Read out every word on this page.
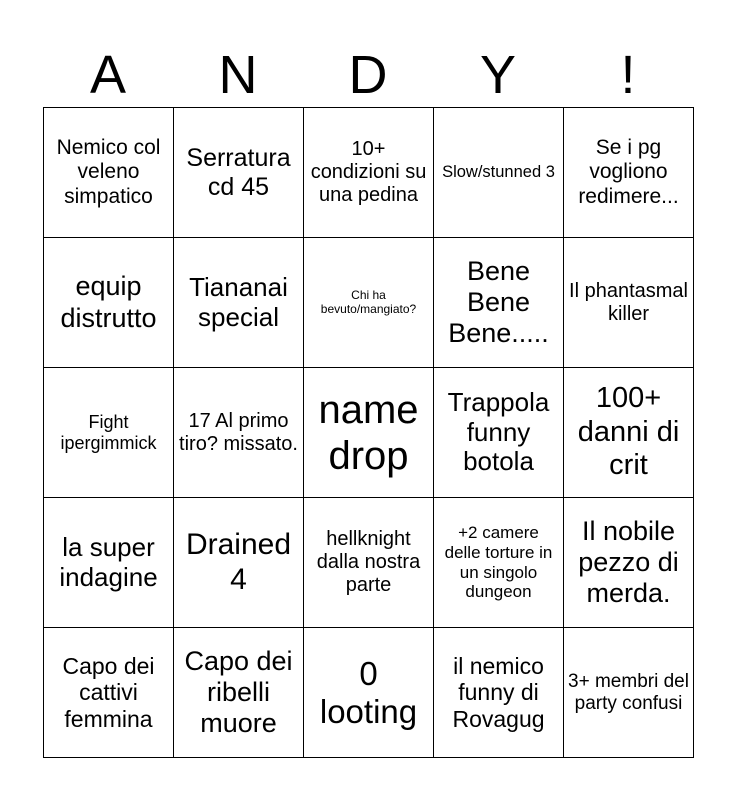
A	N	D	Y	!
Nemico col veleno simpatico	Serratura cd 45	10+ condizioni su una pedina	Slow/stunned 3	Se i pg vogliono redimere...
equip distrutto	Tiananai special	Chi ha bevuto/mangiato?	Bene Bene Bene.....	Il phantasmal killer
Fight ipergimmick	17 Al primo tiro? missato.	name drop	Trappola funny botola	100+ danni di crit
la super indagine	Drained 4	hellknight dalla nostra parte	+2 camere delle torture in un singolo dungeon	Il nobile pezzo di merda.
Capo dei cattivi femmina	Capo dei ribelli muore	0 looting	il nemico funny di Rovagug	3+ membri del party confusi
